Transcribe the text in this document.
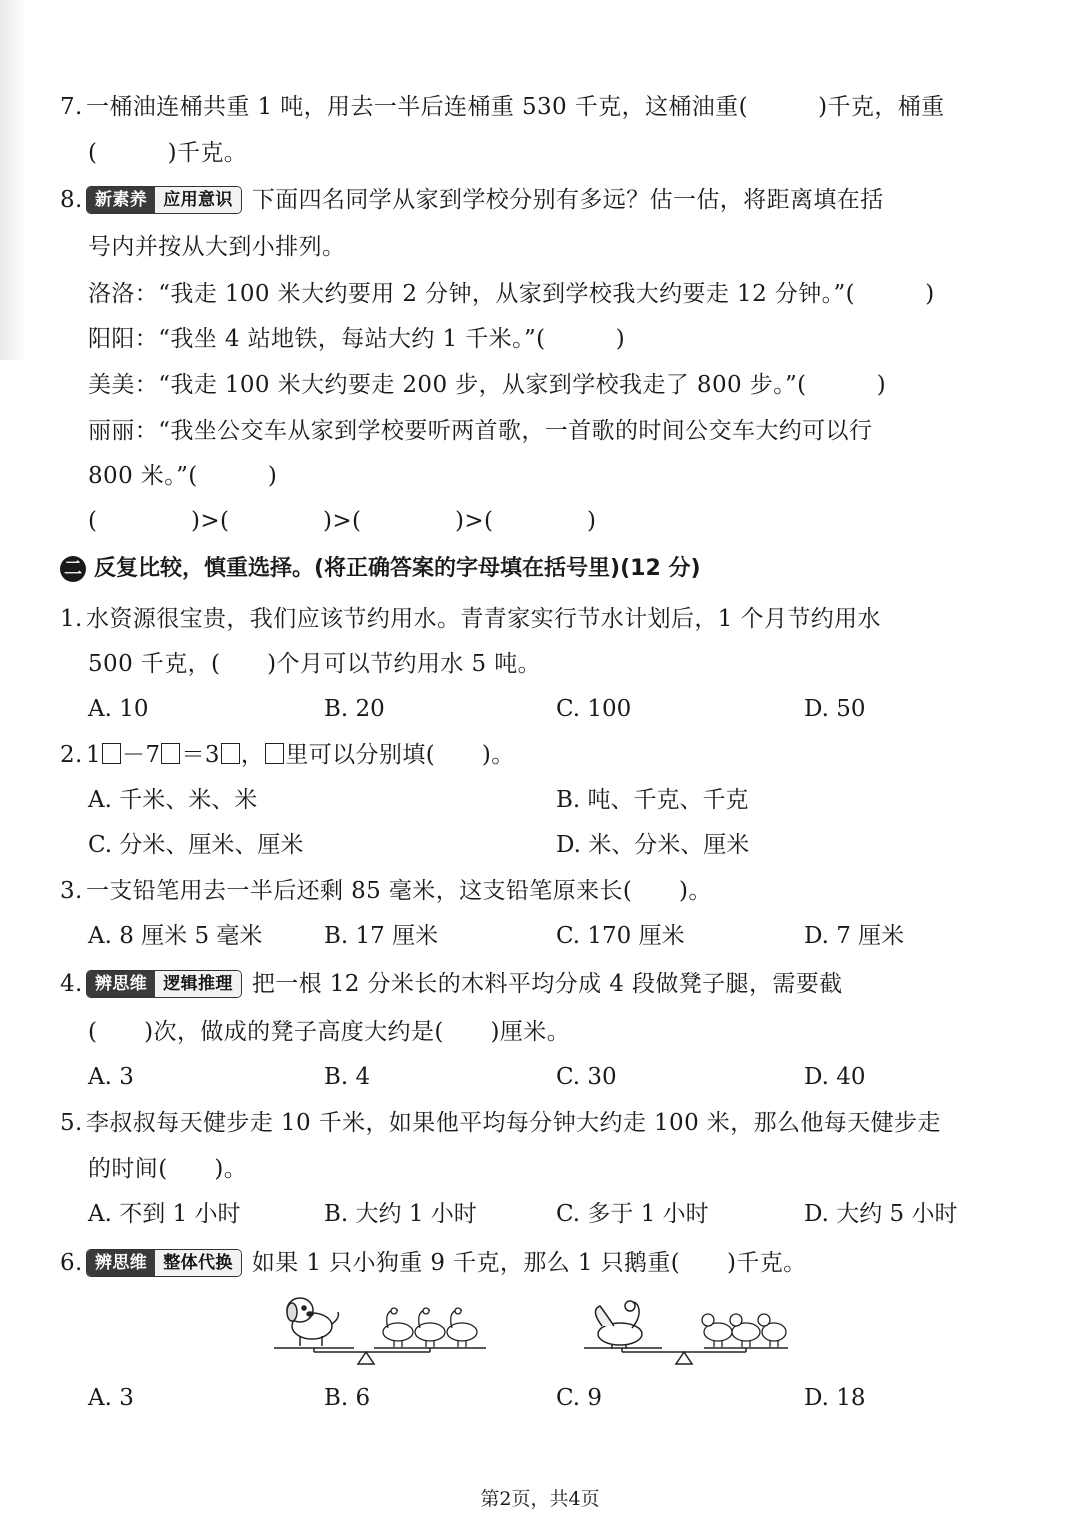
7. 一桶油连桶共重 1 吨，用去一半后连桶重 530 千克，这桶油重(　　　)千克，桶重
(　　　)千克。
8. 新素养 应用意识 下面四名同学从家到学校分别有多远？估一估，将距离填在括
号内并按从大到小排列。
洛洛：“我走 100 米大约要用 2 分钟，从家到学校我大约要走 12 分钟。”(　　　)
阳阳：“我坐 4 站地铁，每站大约 1 千米。”(　　　)
美美：“我走 100 米大约要走 200 步，从家到学校我走了 800 步。”(　　　)
丽丽：“我坐公交车从家到学校要听两首歌，一首歌的时间公交车大约可以行
800 米。”(　　　)
(　　　　)>(　　　　)>(　　　　)>(　　　　)
二 反复比较，慎重选择。(将正确答案的字母填在括号里)(12 分)
1. 水资源很宝贵，我们应该节约用水。青青家实行节水计划后，1 个月节约用水
500 千克，(　　)个月可以节约用水 5 吨。
A. 10	B. 20	C. 100	D. 50
2. 1 －7 ＝3 ， 里可以分别填(　　)。
A. 千米、米、米	B. 吨、千克、千克
C. 分米、厘米、厘米	D. 米、分米、厘米
3. 一支铅笔用去一半后还剩 85 毫米，这支铅笔原来长(　　)。
A. 8 厘米 5 毫米	B. 17 厘米	C. 170 厘米	D. 7 厘米
4. 辨思维 逻辑推理 把一根 12 分米长的木料平均分成 4 段做凳子腿，需要截
(　　)次，做成的凳子高度大约是(　　)厘米。
A. 3	B. 4	C. 30	D. 40
5. 李叔叔每天健步走 10 千米，如果他平均每分钟大约走 100 米，那么他每天健步走
的时间(　　)。
A. 不到 1 小时	B. 大约 1 小时	C. 多于 1 小时	D. 大约 5 小时
6. 辨思维 整体代换 如果 1 只小狗重 9 千克，那么 1 只鹅重(　　)千克。
A. 3	B. 6	C. 9	D. 18
第2页，共4页
